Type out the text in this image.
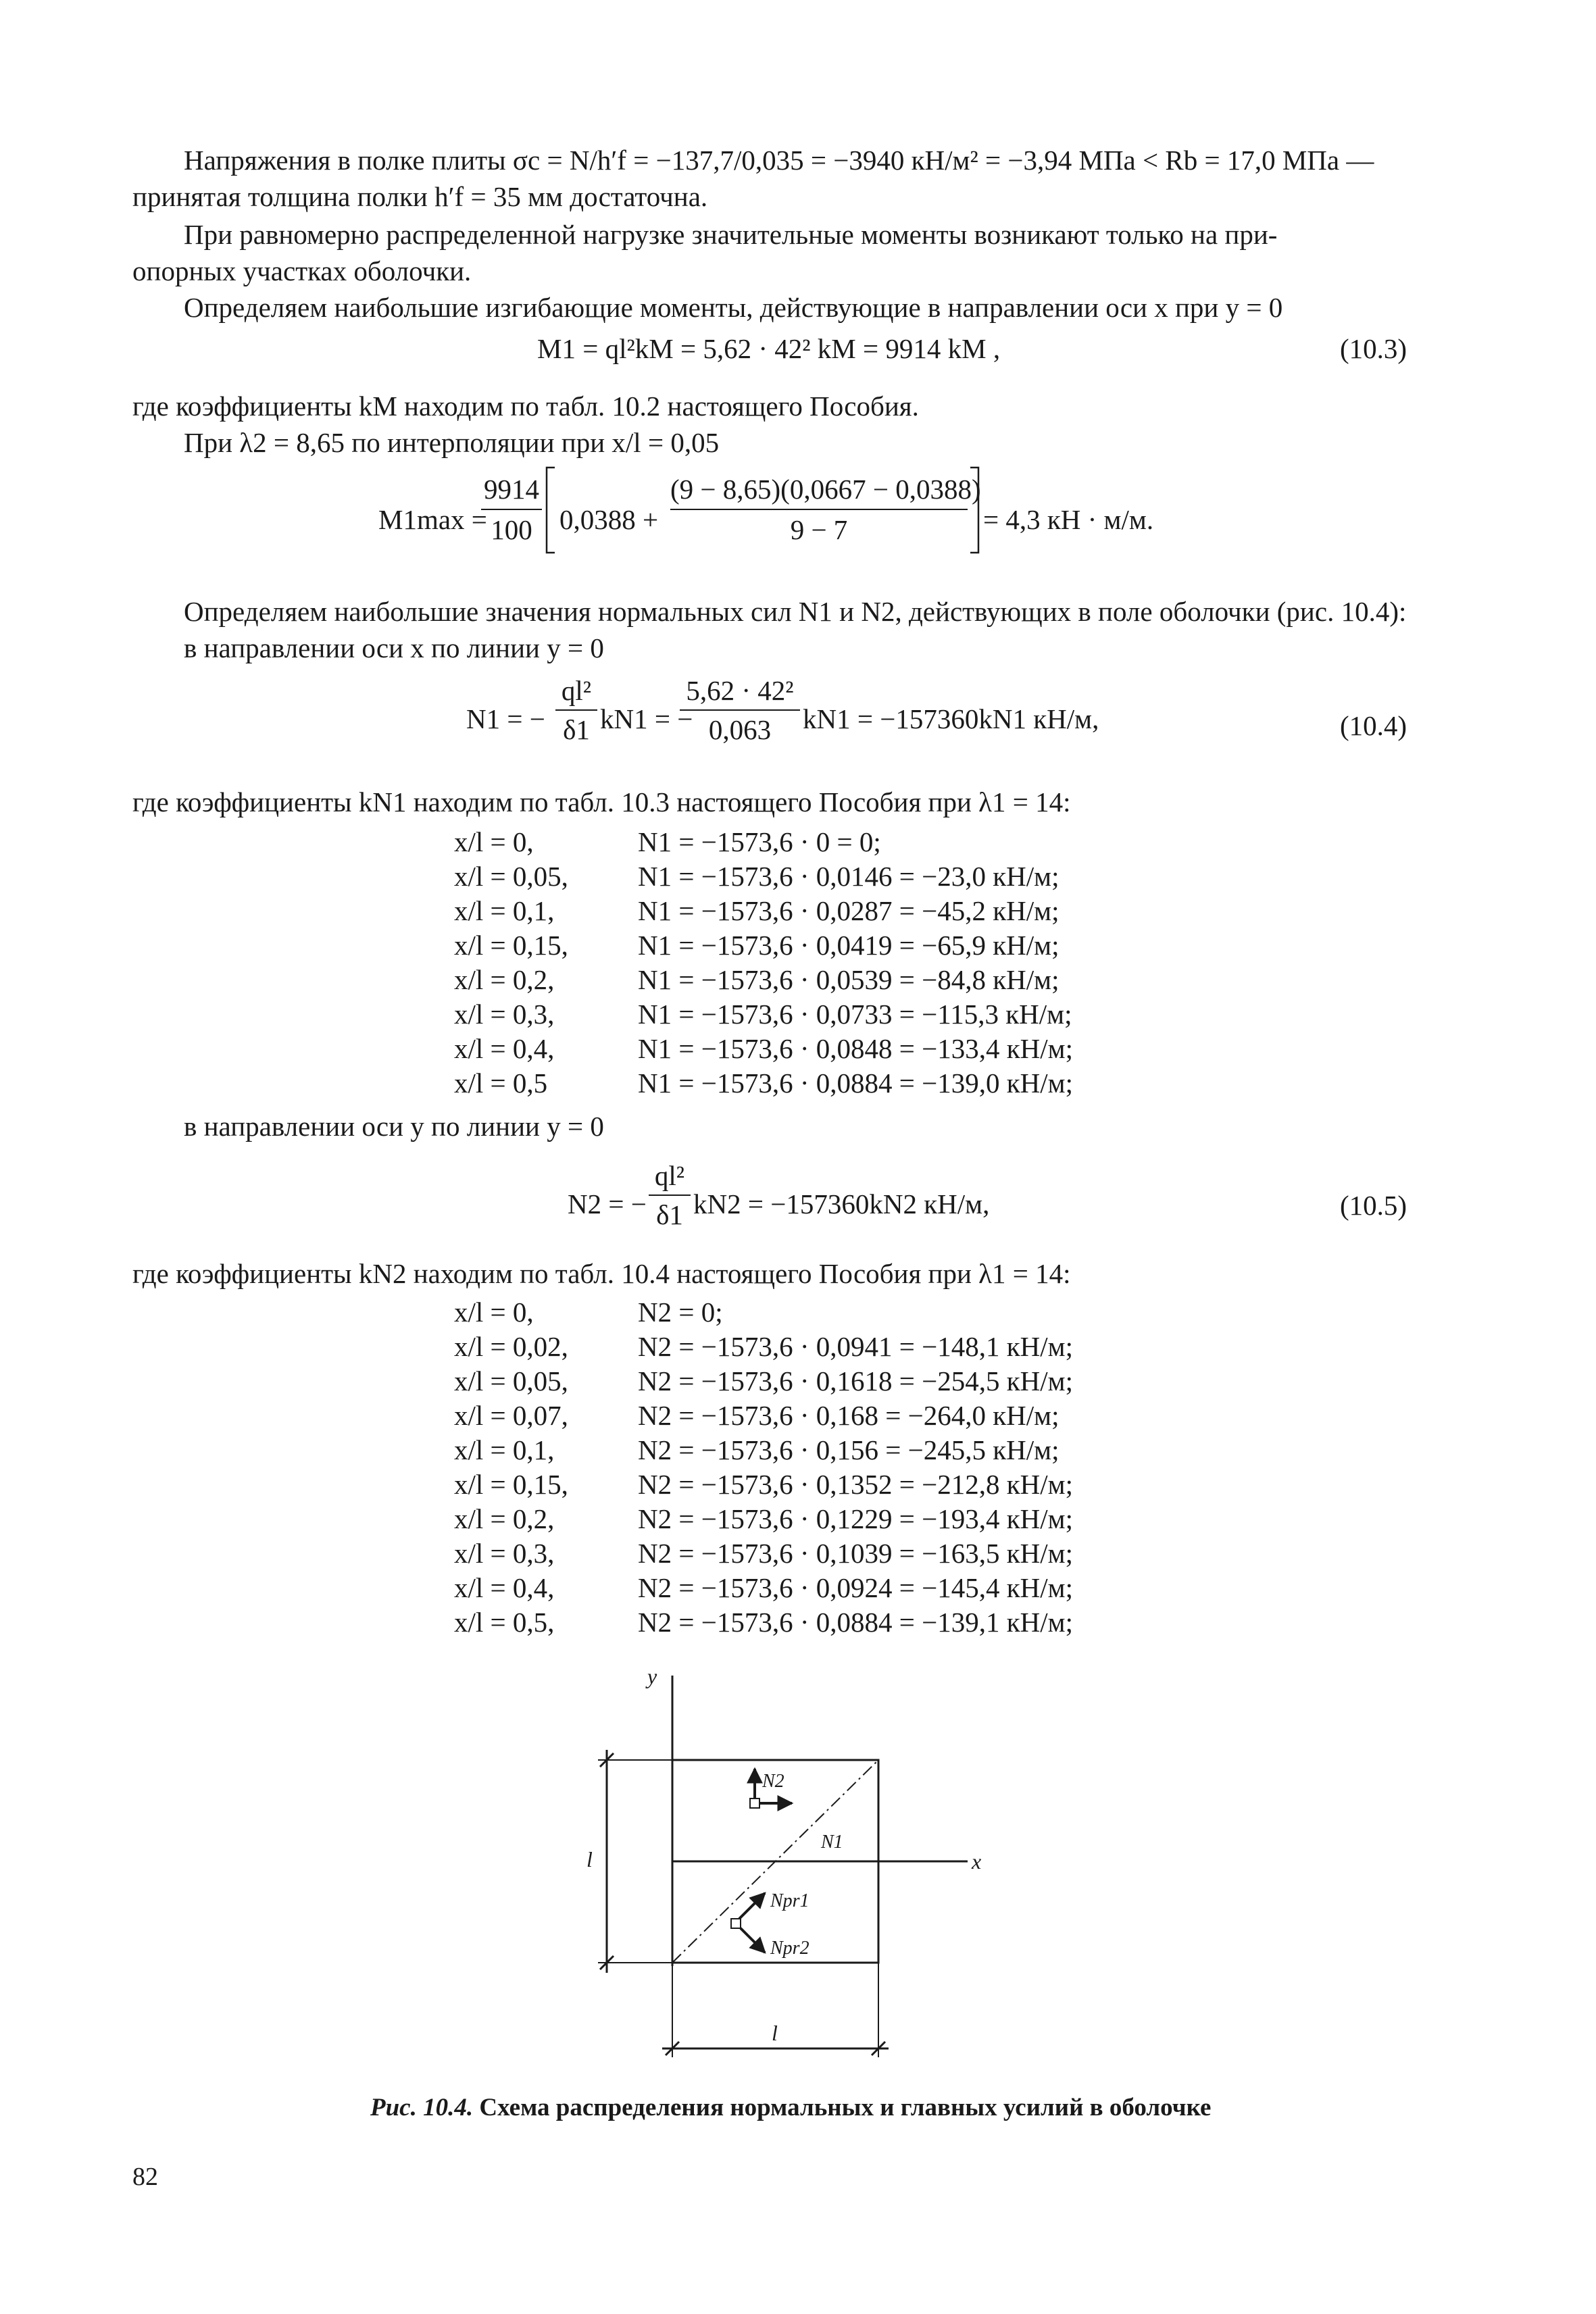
Напряжения в полке плиты σc = N/h′f = −137,7/0,035 = −3940 кН/м² = −3,94 МПа < Rb = 17,0 МПа —

принятая толщина полки h′f = 35 мм достаточна.

При равномерно распределенной нагрузке значительные моменты возникают только на при-

опорных участках оболочки.

Определяем наибольшие изгибающие моменты, действующие в направлении оси x при y = 0

M1 = ql²kM = 5,62 · 42² kM = 9914 kM ,	(10.3)

где коэффициенты kM находим по табл. 10.2 настоящего Пособия.

При λ2 = 8,65 по интерполяции при x/l = 0,05

M1max =
9914
100 0,0388 +
(9 − 8,65)(0,0667 − 0,0388)
9 − 7	= 4,3 кН · м/м.

Определяем наибольшие значения нормальных сил N1 и N2, действующих в поле оболочки (рис. 10.4):

в направлении оси x по линии y = 0

N1 = −
ql²
δ1 kN1 = −
5,62 · 42²
0,063	kN1 = −157360kN1 кН/м,	(10.4)

где коэффициенты kN1 находим по табл. 10.3 настоящего Пособия при λ1 = 14:

x/l = 0,	N1 = −1573,6 · 0 = 0;
x/l = 0,05,	N1 = −1573,6 · 0,0146 = −23,0 кН/м;
x/l = 0,1,	N1 = −1573,6 · 0,0287 = −45,2 кН/м;
x/l = 0,15,	N1 = −1573,6 · 0,0419 = −65,9 кН/м;
x/l = 0,2,	N1 = −1573,6 · 0,0539 = −84,8 кН/м;
x/l = 0,3,	N1 = −1573,6 · 0,0733 = −115,3 кН/м;
x/l = 0,4,	N1 = −1573,6 · 0,0848 = −133,4 кН/м;
x/l = 0,5	N1 = −1573,6 · 0,0884 = −139,0 кН/м;

в направлении оси y по линии y = 0

N2 = −
ql²
δ1 kN2 = −157360kN2 кН/м,	(10.5)

где коэффициенты kN2 находим по табл. 10.4 настоящего Пособия при λ1 = 14:

x/l = 0,	N2 = 0;
x/l = 0,02,	N2 = −1573,6 · 0,0941 = −148,1 кН/м;
x/l = 0,05,	N2 = −1573,6 · 0,1618 = −254,5 кН/м;
x/l = 0,07,	N2 = −1573,6 · 0,168 = −264,0 кН/м;
x/l = 0,1,	N2 = −1573,6 · 0,156 = −245,5 кН/м;
x/l = 0,15,	N2 = −1573,6 · 0,1352 = −212,8 кН/м;
x/l = 0,2,	N2 = −1573,6 · 0,1229 = −193,4 кН/м;
x/l = 0,3,	N2 = −1573,6 · 0,1039 = −163,5 кН/м;
x/l = 0,4,	N2 = −1573,6 · 0,0924 = −145,4 кН/м;
x/l = 0,5,	N2 = −1573,6 · 0,0884 = −139,1 кН/м;
y
x
l
l
N2
N1
Npr1
Npr2
Рис. 10.4. Схема распределения нормальных и главных усилий в оболочке
82
